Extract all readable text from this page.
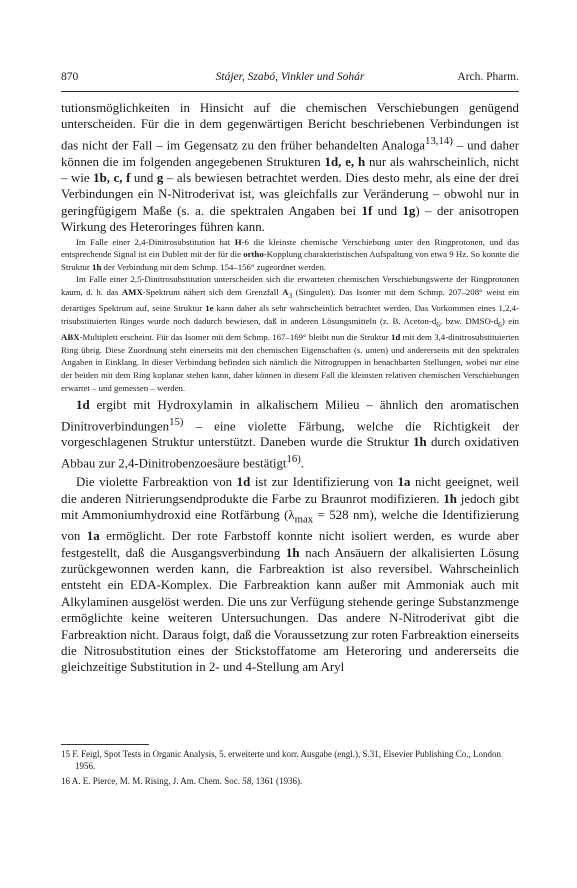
870	Stájer, Szabó, Vinkler und Sohár	Arch. Pharm.

tutionsmöglichkeiten in Hinsicht auf die chemischen Verschiebungen genügend unterscheiden. Für die in dem gegenwärtigen Bericht beschriebenen Verbindungen ist das nicht der Fall – im Gegensatz zu den früher behandelten Analoga$^{13,14)}$ – und daher können die im folgenden angegebenen Strukturen 1d, e, h nur als wahrscheinlich, nicht – wie 1b, c, f und g – als bewiesen betrachtet werden. Dies desto mehr, als eine der drei Verbindungen ein N-Nitroderivat ist, was gleichfalls zur Veränderung – obwohl nur in geringfügigem Maße (s. a. die spektralen Angaben bei 1f und 1g) – der anisotropen Wirkung des Heteroringes führen kann.

Im Falle einer 2,4-Dinitrosubstitution hat H-6 die kleinste chemische Verschiebung unter den Ringprotonen, und das entsprechende Signal ist ein Dublett mit der für die ortho-Kopplung charakteristischen Aufspaltung von etwa 9 Hz. So konnte die Struktur 1h der Verbindung mit dem Schmp. 154–156° zugeordnet werden.

Im Falle einer 2,5-Dinitrosubstitution unterscheiden sich die erwarteten chemischen Verschiebungswerte der Ringprotonen kaum, d. h. das AMX-Spektrum nähert sich dem Grenzfall $A_3$ (Singulett). Das Isomer mit dem Schmp. 207–208° weist ein derartiges Spektrum auf, seine Struktur 1e kann daher als sehr wahrscheinlich betrachtet werden. Das Vorkommen eines 1,2,4-trisubstituierten Ringes wurde noch dadurch bewiesen, daß in anderen Lösungsmitteln (z. B. Aceton-$d_6$, bzw. DMSO-$d_6$) ein ABX-Multiplett erscheint. Für das Isomer mit dem Schmp. 167–169° bleibt nun die Struktur 1d mit dem 3,4-dinitrosubstituierten Ring übrig. Diese Zuordnung steht einerseits mit den chemischen Eigenschaften (s. unten) und andererseits mit den spektralen Angaben in Einklang. In dieser Verbindung befinden sich nämlich die Nitrogruppen in benachbarten Stellungen, wobei nur eine der beiden mit dem Ring koplanar stehen kann, daher können in diesem Fall die kleinsten relativen chemischen Verschiebungen erwartet – und gemessen – werden.

1d ergibt mit Hydroxylamin in alkalischem Milieu – ähnlich den aromatischen Dinitroverbindungen$^{15)}$ – eine violette Färbung, welche die Richtigkeit der vorgeschlagenen Struktur unterstützt. Daneben wurde die Struktur 1h durch oxidativen Abbau zur 2,4-Dinitrobenzoesäure bestätigt$^{16)}$.

Die violette Farbreaktion von 1d ist zur Identifizierung von 1a nicht geeignet, weil die anderen Nitrierungsendprodukte die Farbe zu Braunrot modifizieren. 1h jedoch gibt mit Ammoniumhydroxid eine Rotfärbung ($\lambda_{max} = 528$ nm), welche die Identifizierung von 1a ermöglicht. Der rote Farbstoff konnte nicht isoliert werden, es wurde aber festgestellt, daß die Ausgangsverbindung 1h nach Ansäuern der alkalisierten Lösung zurückgewonnen werden kann, die Farbreaktion ist also reversibel. Wahrscheinlich entsteht ein EDA-Komplex. Die Farbreaktion kann außer mit Ammoniak auch mit Alkylaminen ausgelöst werden. Die uns zur Verfügung stehende geringe Substanzmenge ermöglichte keine weiteren Untersuchungen. Das andere N-Nitroderivat gibt die Farbreaktion nicht. Daraus folgt, daß die Voraussetzung zur roten Farbreaktion einerseits die Nitrosubstitution eines der Stickstoffatome am Heteroring und andererseits die gleichzeitige Substitution in 2- und 4-Stellung am Aryl

15 F. Feigl, Spot Tests in Organic Analysis, 5. erweiterte und korr. Ausgabe (engl.), S.31, Elsevier Publishing Co., London 1956.

16 A. E. Pierce, M. M. Rising, J. Am. Chem. Soc. 58, 1361 (1936).
